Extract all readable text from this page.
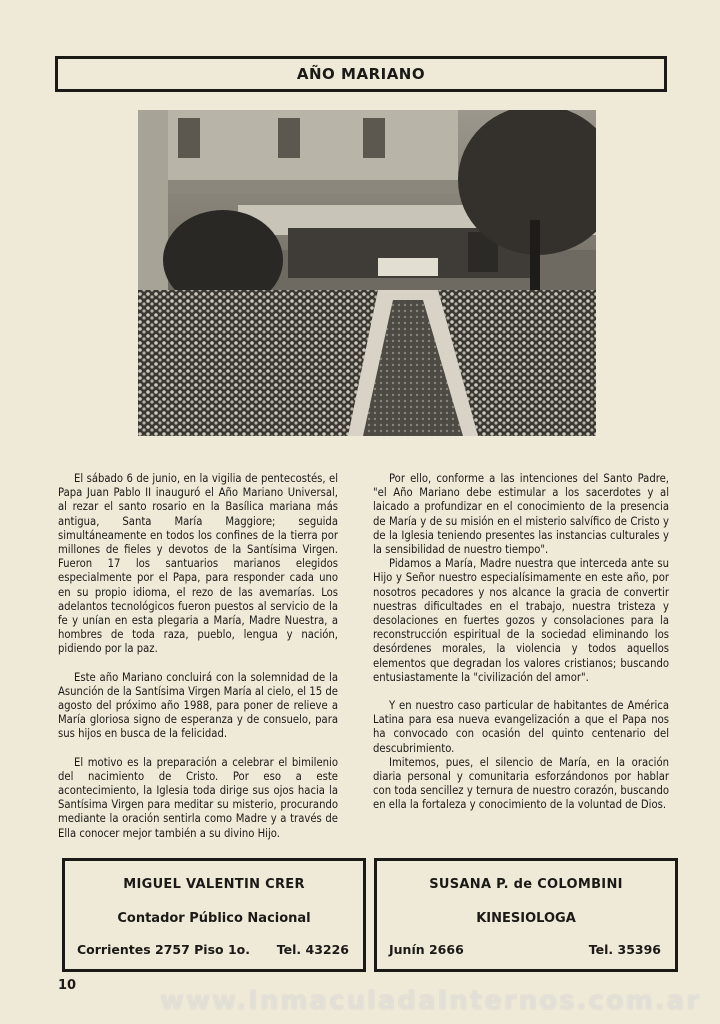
AÑO MARIANO

El sábado 6 de junio, en la vigilia de pentecostés, el Papa Juan Pablo II inauguró el Año Mariano Universal, al rezar el santo rosario en la Basílica mariana más antigua, Santa María Maggiore; seguida simultáneamente en todos los confines de la tierra por millones de fieles y devotos de la Santísima Virgen. Fueron 17 los santuarios marianos elegidos especialmente por el Papa, para responder cada uno en su propio idioma, el rezo de las avemarías. Los adelantos tecnológicos fueron puestos al servicio de la fe y unían en esta plegaria a María, Madre Nuestra, a hombres de toda raza, pueblo, lengua y nación, pidiendo por la paz.

Este año Mariano concluirá con la solemnidad de la Asunción de la Santísima Virgen María al cielo, el 15 de agosto del próximo año 1988, para poner de relieve a María gloriosa signo de esperanza y de consuelo, para sus hijos en busca de la felicidad.

El motivo es la preparación a celebrar el bimilenio del nacimiento de Cristo. Por eso a este acontecimiento, la Iglesia toda dirige sus ojos hacia la Santísima Virgen para meditar su misterio, procurando mediante la oración sentirla como Madre y a través de Ella conocer mejor también a su divino Hijo.

Por ello, conforme a las intenciones del Santo Padre, "el Año Mariano debe estimular a los sacerdotes y al laicado a profundizar en el conocimiento de la presencia de María y de su misión en el misterio salvífico de Cristo y de la Iglesia teniendo presentes las instancias culturales y la sensibilidad de nuestro tiempo".

Pidamos a María, Madre nuestra que interceda ante su Hijo y Señor nuestro especialísimamente en este año, por nosotros pecadores y nos alcance la gracia de convertir nuestras dificultades en el trabajo, nuestra tristeza y desolaciones en fuertes gozos y consolaciones para la reconstrucción espiritual de la sociedad eliminando los desórdenes morales, la violencia y todos aquellos elementos que degradan los valores cristianos; buscando entusiastamente la "civilización del amor".

Y en nuestro caso particular de habitantes de América Latina para esa nueva evangelización a que el Papa nos ha convocado con ocasión del quinto centenario del descubrimiento.

Imitemos, pues, el silencio de María, en la oración diaria personal y comunitaria esforzándonos por hablar con toda sencillez y ternura de nuestro corazón, buscando en ella la fortaleza y conocimiento de la voluntad de Dios.

MIGUEL VALENTIN CRER
Contador Público Nacional
Corrientes 2757 Piso 1o. Tel. 43226
SUSANA P. de COLOMBINI
KINESIOLOGA
Junín 2666	Tel. 35396
10
www.InmaculadaInternos.com.ar
